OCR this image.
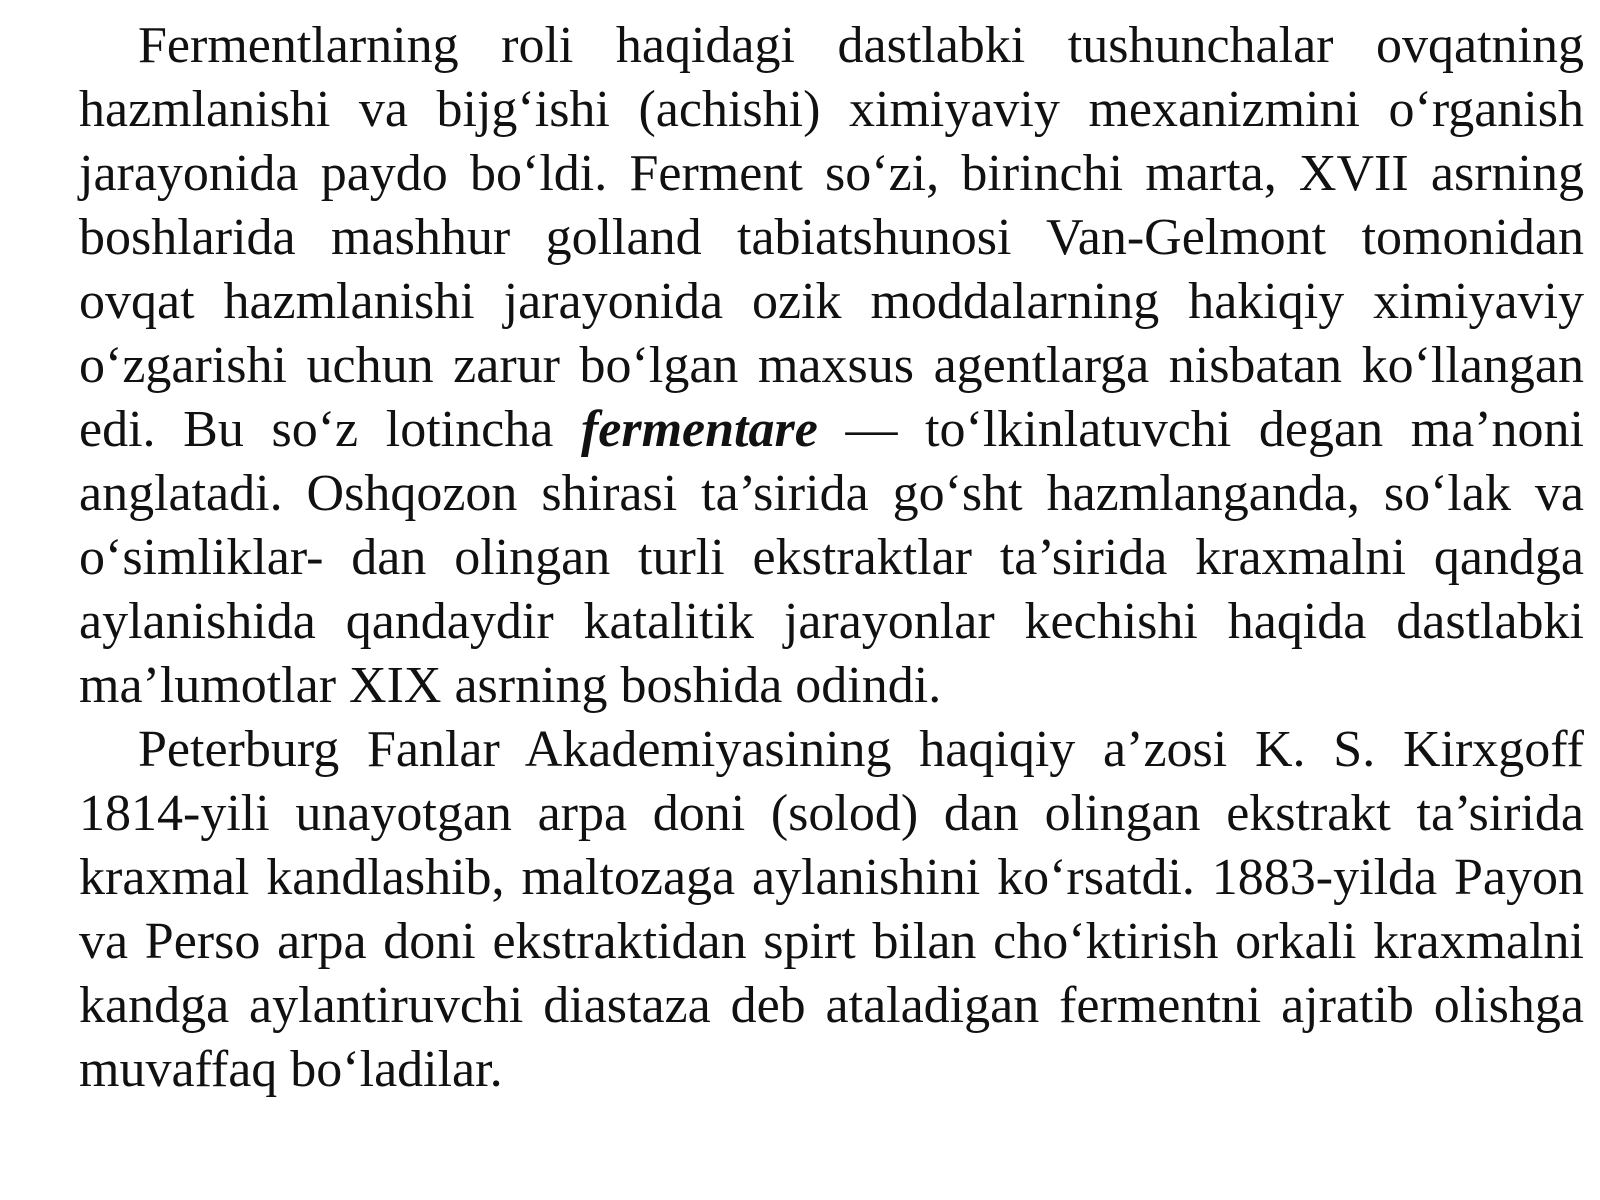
Fermentlarning roli haqidagi dastlabki tushunchalar ovqatning hazmlanishi va bijg‘ishi (achishi) ximiyaviy mexanizmini o‘rganish jarayonida paydo bo‘ldi. Ferment so‘zi, birinchi marta, XVII asrning boshlarida mashhur golland tabiatshunosi Van-Gelmont tomonidan ovqat hazmlanishi jarayonida ozik moddalarning hakiqiy ximiyaviy o‘zgarishi uchun zarur bo‘lgan maxsus agentlarga nisbatan ko‘llangan edi. Bu so‘z lotincha fermentare — to‘lkinlatuvchi degan ma’noni anglatadi. Oshqozon shirasi ta’sirida go‘sht hazmlanganda, so‘lak va o‘simliklar- dan olingan turli ekstraktlar ta’sirida kraxmalni qandga aylanishida qandaydir katalitik jarayonlar kechishi haqida dastlabki ma’lumotlar XIX asrning boshida odindi.

Peterburg Fanlar Akademiyasining haqiqiy a’zosi K. S. Kirxgoff 1814-yili unayotgan arpa doni (solod) dan olingan ekstrakt ta’sirida kraxmal kandlashib, maltozaga aylanishini ko‘rsatdi. 1883-yilda Payon va Perso arpa doni ekstraktidan spirt bilan cho‘ktirish orkali kraxmalni kandga aylantiruvchi diastaza deb ataladigan fermentni ajratib olishga muvaffaq bo‘ladilar.
